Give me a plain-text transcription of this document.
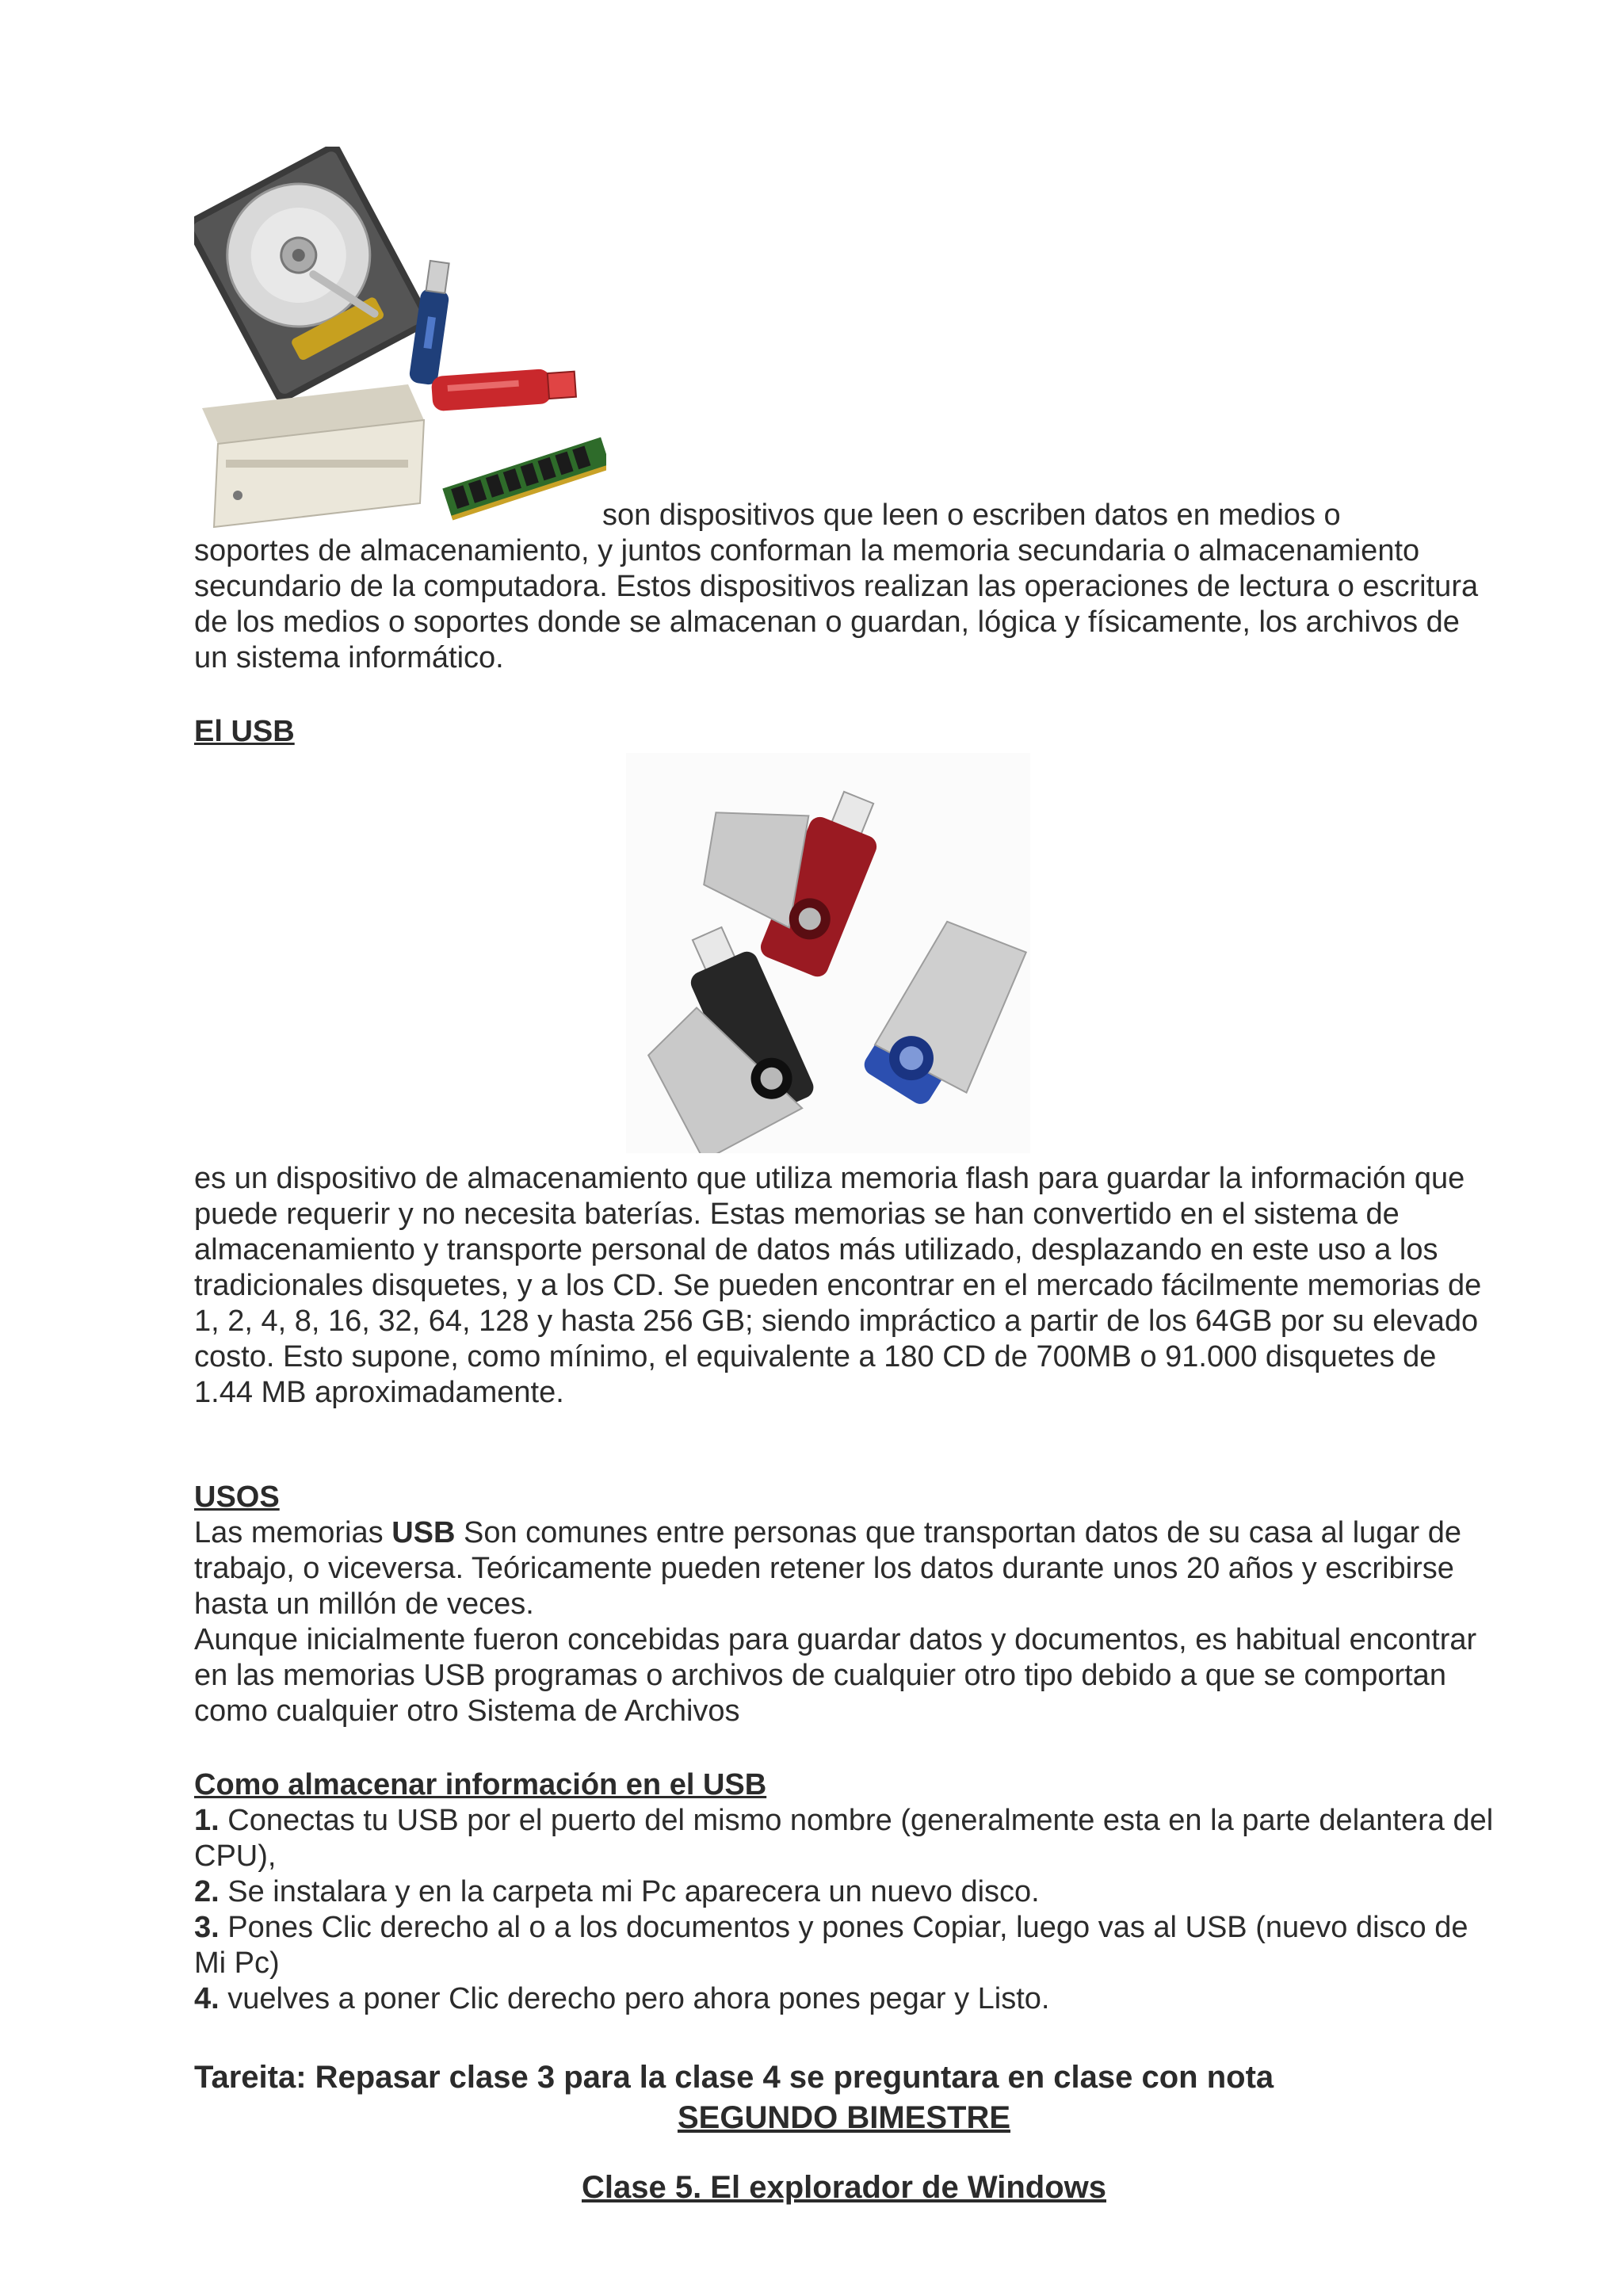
son dispositivos que leen o escriben datos en medios o

soportes de almacenamiento, y juntos conforman la memoria secundaria o almacenamiento secundario de la computadora. Estos dispositivos realizan las operaciones de lectura o escritura de los medios o soportes donde se almacenan o guardan, lógica y físicamente, los archivos de un sistema informático.

El USB

es un dispositivo de almacenamiento que utiliza memoria flash para guardar la información que puede requerir y no necesita baterías. Estas memorias se han convertido en el sistema de almacenamiento y transporte personal de datos más utilizado, desplazando en este uso a los tradicionales disquetes, y a los CD. Se pueden encontrar en el mercado fácilmente memorias de 1, 2, 4, 8, 16, 32, 64, 128 y hasta 256 GB; siendo impráctico a partir de los 64GB por su elevado costo. Esto supone, como mínimo, el equivalente a 180 CD de 700MB o 91.000 disquetes de 1.44 MB aproximadamente.

USOS

Las memorias USB Son comunes entre personas que transportan datos de su casa al lugar de trabajo, o viceversa. Teóricamente pueden retener los datos durante unos 20 años y escribirse hasta un millón de veces.

Aunque inicialmente fueron concebidas para guardar datos y documentos, es habitual encontrar en las memorias USB programas o archivos de cualquier otro tipo debido a que se comportan como cualquier otro Sistema de Archivos

Como almacenar información en el USB
1. Conectas tu USB por el puerto del mismo nombre (generalmente esta en la parte delantera del CPU),
2. Se instalara y en la carpeta mi Pc aparecera un nuevo disco.
3. Pones Clic derecho al o a los documentos y pones Copiar, luego vas al USB (nuevo disco de Mi Pc)
4. vuelves a poner Clic derecho pero ahora pones pegar y Listo.
Tareita: Repasar clase 3 para la clase 4 se preguntara en clase con nota
SEGUNDO BIMESTRE
Clase 5. El explorador de Windows
